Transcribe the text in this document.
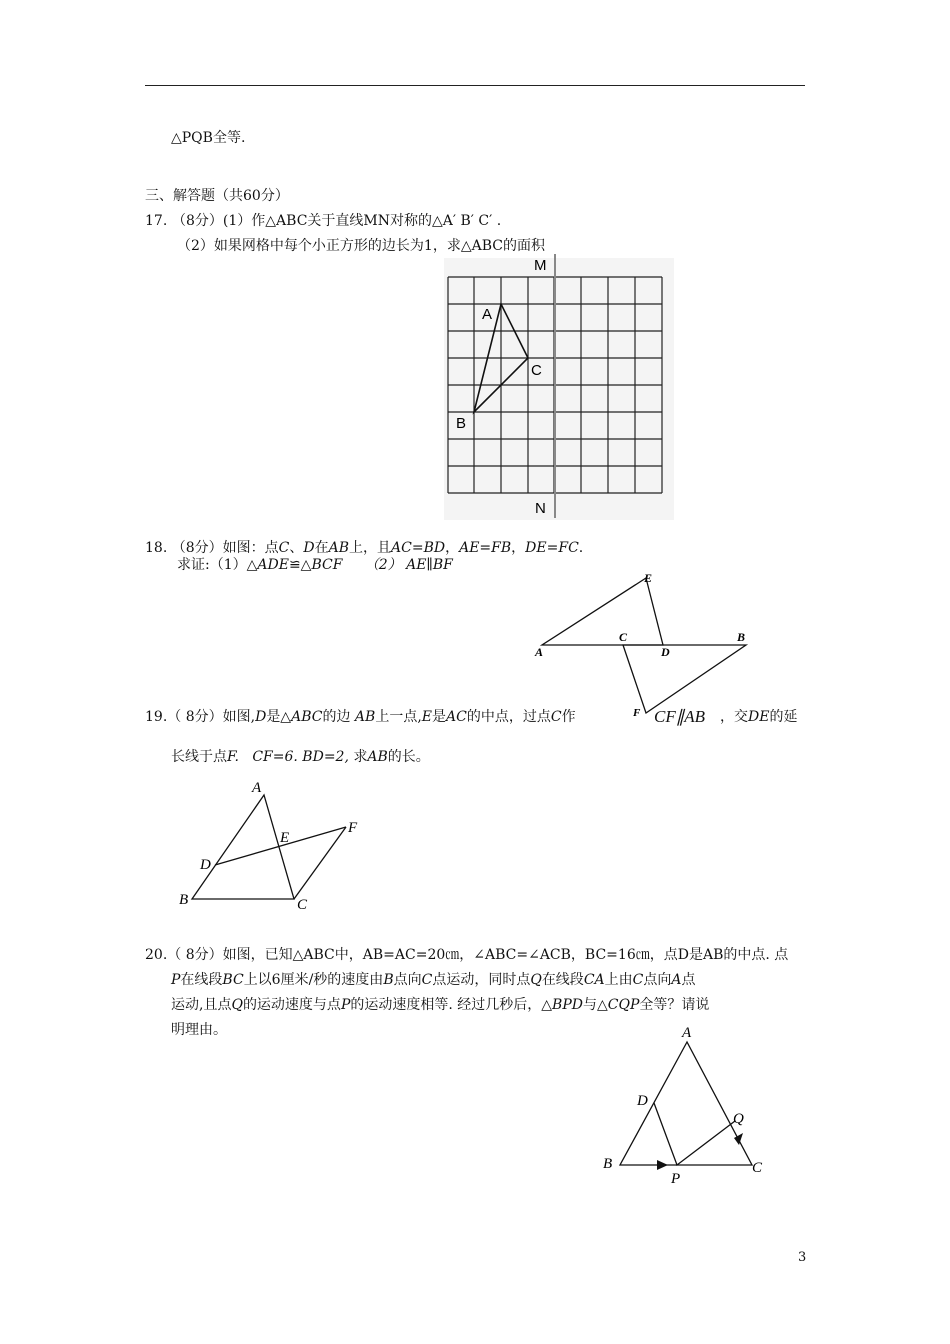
△PQB全等.
三、解答题（共60分）
17. （8分）(1）作△ABC关于直线MN对称的△A′ B′ C′ .
（2）如果网格中每个小正方形的边长为1，求△ABC的面积
M
A
C
B
N
18. （8分）如图：点C、D在AB上，且AC=BD，AE=FB，DE=FC.
求证:（1）△ADE≌△BCF （2） AE∥BF
E
C	B
A	D
F
19.（ 8分）如图,D是△ABC的边 AB上一点,E是AC的中点，过点C作	CF∥AB ，交DE的延
长线于点F. CF=6. BD=2, 求AB的长。
A
E
F
D
B	C
20.（ 8分）如图，已知△ABC中，AB=AC=20㎝，∠ABC=∠ACB，BC=16㎝，点D是AB的中点. 点
P在线段BC上以6厘米/秒的速度由B点向C点运动，同时点Q在线段CA上由C点向A点
运动,且点Q的运动速度与点P的运动速度相等. 经过几秒后，△BPD与△CQP全等？请说
明理由。	A
D
Q
B
P
C
3
